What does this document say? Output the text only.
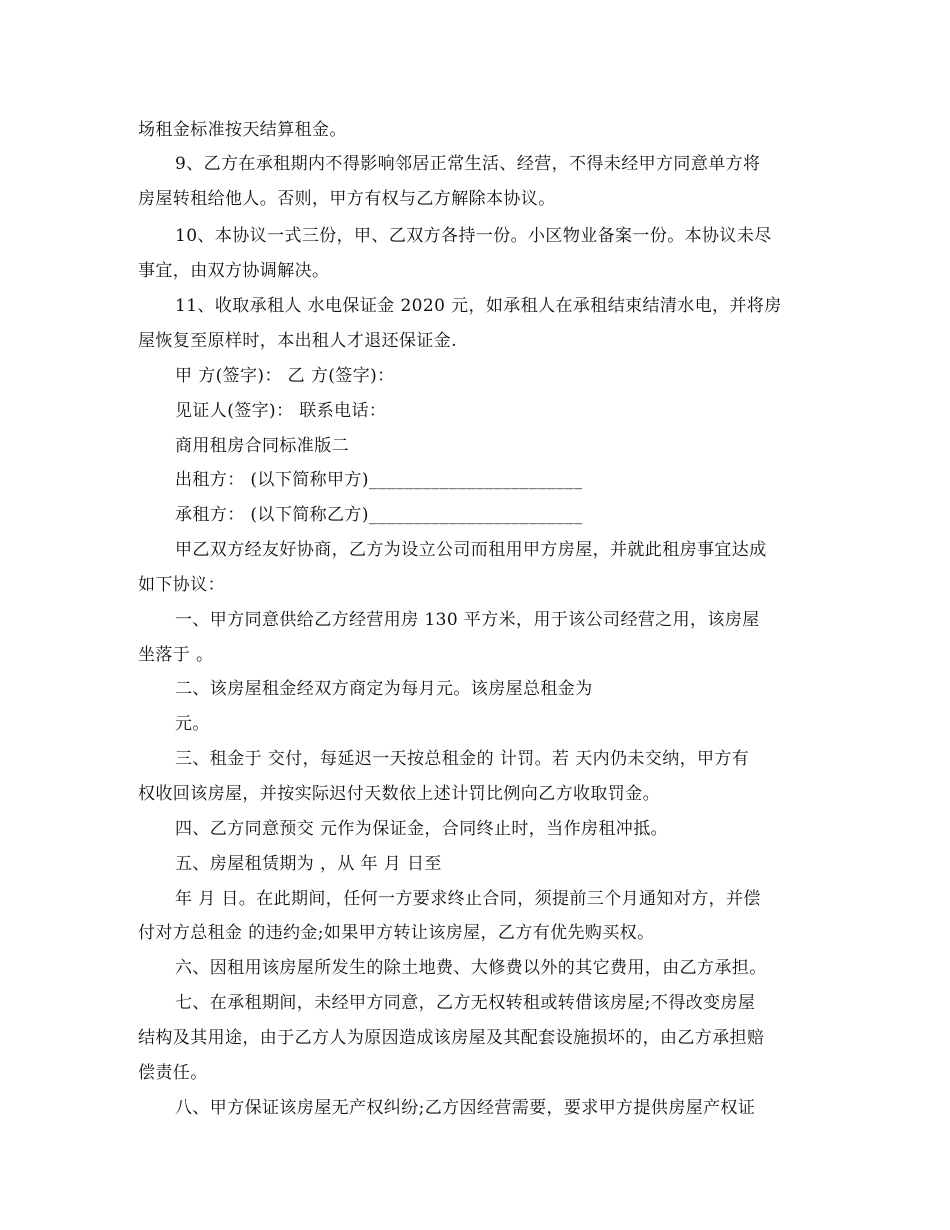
场租金标准按天结算租金。
9、乙方在承租期内不得影响邻居正常生活、经营，不得未经甲方同意单方将
房屋转租给他人。否则，甲方有权与乙方解除本协议。
10、本协议一式三份，甲、乙双方各持一份。小区物业备案一份。本协议未尽
事宜，由双方协调解决。
11、收取承租人 水电保证金 2020 元，如承租人在承租结束结清水电，并将房
屋恢复至原样时，本出租人才退还保证金.
甲 方(签字)： 乙 方(签字)：
见证人(签字)： 联系电话：
商用租房合同标准版二
出租方： (以下简称甲方)________________________
承租方： (以下简称乙方)________________________
甲乙双方经友好协商，乙方为设立公司而租用甲方房屋，并就此租房事宜达成
如下协议：
一、甲方同意供给乙方经营用房 130 平方米，用于该公司经营之用，该房屋
坐落于 。
二、该房屋租金经双方商定为每月元。该房屋总租金为
元。
三、租金于 交付，每延迟一天按总租金的 计罚。若 天内仍未交纳，甲方有
权收回该房屋，并按实际迟付天数依上述计罚比例向乙方收取罚金。
四、乙方同意预交 元作为保证金，合同终止时，当作房租冲抵。
五、房屋租赁期为 ，从 年 月 日至
年 月 日。在此期间，任何一方要求终止合同，须提前三个月通知对方，并偿
付对方总租金 的违约金;如果甲方转让该房屋，乙方有优先购买权。
六、因租用该房屋所发生的除土地费、大修费以外的其它费用，由乙方承担。
七、在承租期间，未经甲方同意，乙方无权转租或转借该房屋;不得改变房屋
结构及其用途，由于乙方人为原因造成该房屋及其配套设施损坏的，由乙方承担赔
偿责任。
八、甲方保证该房屋无产权纠纷;乙方因经营需要，要求甲方提供房屋产权证
